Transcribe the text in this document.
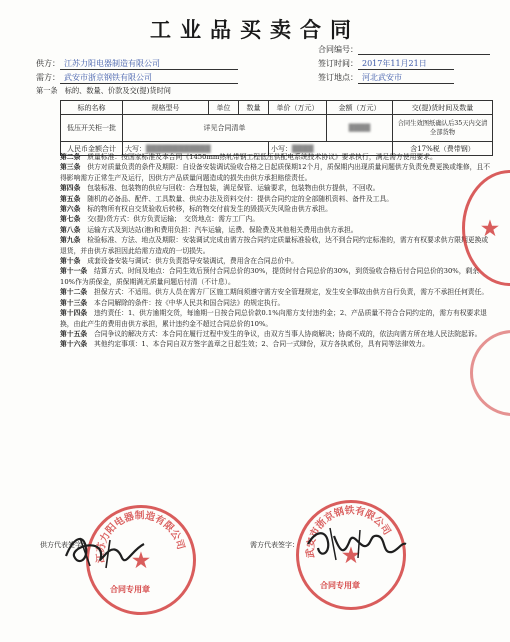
工业品买卖合同
合同编号：
供方： 江苏力阳电器制造有限公司	签订时间： 2017年11月21日
需方： 武安市浙京钢铁有限公司	签订地点： 河北武安市
第一条　标的、数量、价款及交(提)货时间
标的名称	规格型号	单位	数量	单价（万元）	金额（万元）	交(提)货时间及数量
低压开关柜一批	详见合同清单				████	合同生效图纸确认后35天内交清全部货物

人民币金额合计	大写：████████████			小写：████		含17%税（费带钢）

第二条　 质量标准：按国家标准及本合同《1450mm热轧带钢工程低压供配电系统技术协议》要求执行，满足需方使用要求。

第三条　 供方对质量负责的条件及期限：自设备安装调试验收合格之日起质保期12个月，质保期内出现质量问题供方负责免费更换或维修，且不得影响需方正常生产及运行，因供方产品质量问题造成的损失由供方承担赔偿责任。

第四条　 包装标准、包装物的供应与回收：合理包装，满足保管、运输要求，包装物由供方提供，不回收。

第五条　 随机的必备品、配件、工具数量、供应办法及资料交付：提供合同约定的全部随机资料、备件及工具。

第六条　 标的物所有权自交货验收后转移，标的物交付前发生的毁损灭失风险由供方承担。

第七条　 交(提)货方式：供方负责运输；　交货地点：需方工厂内。

第八条　 运输方式及到达站(港)和费用负担：汽车运输，运费、保险费及其他相关费用由供方承担。

第九条　 检验标准、方法、地点及期限：安装调试完成由需方按合同约定质量标准验收，达不到合同约定标准的，需方有权要求供方限期更换或退货，并由供方承担因此给需方造成的一切损失。

第十条　 成套设备安装与调试：供方负责指导安装调试，费用含在合同总价中。

第十一条　 结算方式、时间及地点：合同生效后预付合同总价的30%，提货时付合同总价的30%，到货验收合格后付合同总价的30%，剩余10%作为质保金，质保期满无质量问题后付清（不计息）。

第十二条　 担保方式：不适用。供方人员在需方厂区施工期间须遵守需方安全管理规定，发生安全事故由供方自行负责，需方不承担任何责任。

第十三条　 本合同解除的条件：按《中华人民共和国合同法》的规定执行。

第十四条　 违约责任：1、供方逾期交货，每逾期一日按合同总价款0.1%向需方支付违约金；2、产品质量不符合合同约定的，需方有权要求退换，由此产生的费用由供方承担，累计违约金不超过合同总价的10%。

第十五条　 合同争议的解决方式：本合同在履行过程中发生的争议，由双方当事人协商解决；协商不成的，依法向需方所在地人民法院起诉。

第十六条　 其他约定事项：1、本合同自双方签字盖章之日起生效；2、合同一式肆份，双方各执贰份，具有同等法律效力。

江苏力阳电器制造有限公司
★
合同专用章
武安市浙京钢铁有限公司
★
合同专用章
供方代表签字：	需方代表签字：
★
